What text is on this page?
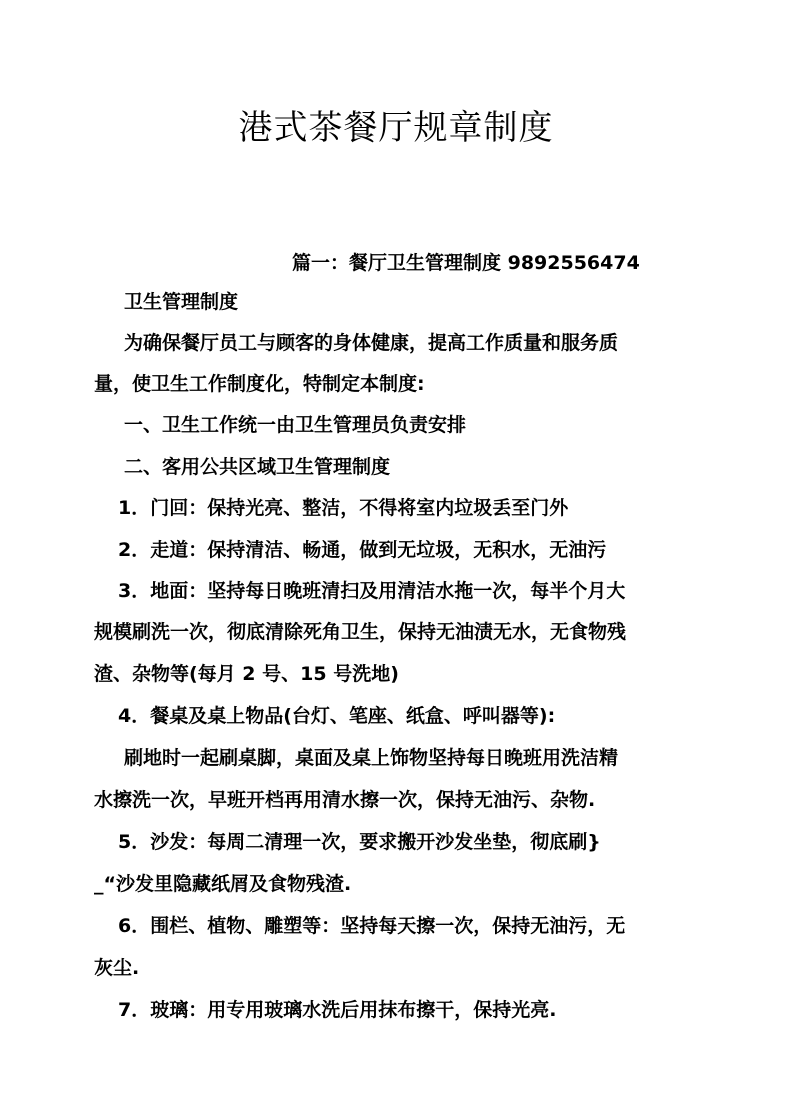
港式茶餐厅规章制度
篇一：餐厅卫生管理制度 9892556474
卫生管理制度
为确保餐厅员工与顾客的身体健康，提高工作质量和服务质
量，使卫生工作制度化，特制定本制度:
一、卫生工作统一由卫生管理员负责安排
二、客用公共区域卫生管理制度
1．门回：保持光亮、整洁，不得将室内垃圾丢至门外
2．走道：保持清洁、畅通，做到无垃圾，无积水，无油污
3．地面：坚持每日晚班清扫及用清洁水拖一次，每半个月大
规模刷洗一次，彻底清除死角卫生，保持无油渍无水，无食物残
渣、杂物等(每月 2 号、15 号洗地)
4．餐桌及桌上物品(台灯、笔座、纸盒、呼叫器等):
刷地时一起刷桌脚，桌面及桌上饰物坚持每日晚班用洗洁精
水擦洗一次，早班开档再用清水擦一次，保持无油污、杂物.
5．沙发：每周二清理一次，要求搬开沙发坐垫，彻底刷}
_“沙发里隐藏纸屑及食物残渣.
6．围栏、植物、雕塑等：坚持每天擦一次，保持无油污，无
灰尘.
7．玻璃：用专用玻璃水洗后用抹布擦干，保持光亮.
